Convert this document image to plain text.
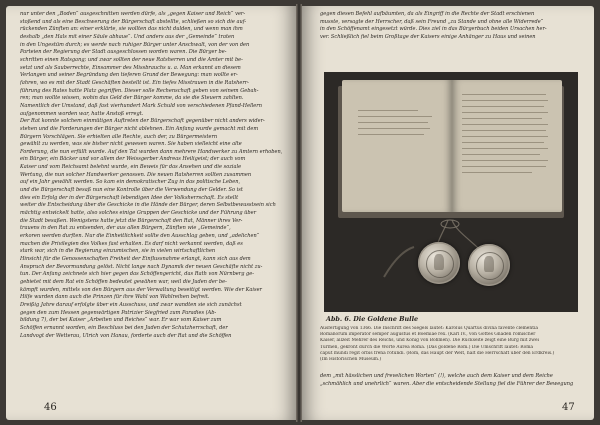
nur unter den „Boden“ ausgeschnitten werden dürfe, als „gegen Kaiser und Reich“ ver-
stoßend und als eine Beschwerung der Bürgerschaft abstellte, schließen so sich die auf-
rückenden Zünften an: einer erklärte, sie wollten das nicht dulden, und wenn man ihm
deshalb „den Hals mit einer Säule abhaue“. Und anders aus der „Gemeinde“ traten
in den Ungestüm durch; es werde nach ruhiger Bürger unter Anschwalt, von der von den
Parteien der Regierung der Stadt ausgeschlossen worden waren. Die Bürger be-
schritten einen Ratsgang; und zwar sollten der neue Ratsherren und die Ämter mit be-
setzt und als Sauberrechte, Einsammer des Missbrauchs u. a. Man erkannt an diesem
Verlangen und seiner Begründung den tieferen Grund der Bewegung: man wollte er-
fahren, wo es mit der Stadt Geschäften bestellt ist. Ein tiefes Misstrauen in die Ratsherr-
führung des Rates hatte Platz gegriffen. Dieser solle Rechenschaft geben von seinem Gebah-
ren; man wollte wissen, wohin das Geld der Bürger komme, da sie die Steuern zahlten.
Namentlich der Umstand, daß fast vierhundert Mark Schuld von verschiedenen Pfand-Hellern
aufgenommen worden war, hatte Anstoß erregt.
Der Rat konnte solchem einmütigen Auftreten der Bürgerschaft gegenüber nicht anders wider-
stehen und die Forderungen der Bürger nicht ablehnen. Ein Anfang wurde gemacht mit dem
Bürgern Vorschlägen. Sie erhielten alle Rechte, auch der, zu Bürgermeistern
gewählt zu werden, was sie bisher nicht gewesen waren. Sie haben vielleicht eine alte
Forderung, die nun erfüllt wurde. Auf den Tat wurden dann mehrere Handwerker zu Ämtern erhoben,
ein Bürger, ein Bäcker und vor allem der Weissgerber Andreas Heiligeist; der auch vom
Kaiser und vom Reichsamt belehnt wurde, ein Beweis für das Ansehen und die soziale
Wertung, die nun solcher Handwerker genossen. Die neuen Ratsherren sollten zusammen
auf ein Jahr gewählt werden. So kam ein demokratischer Zug in das politische Leben,
und die Bürgerschaft besaß nun eine Kontrolle über die Verwendung der Gelder. So ist
dies ein Erfolg der in der Bürgerschaft lebendigen Idee der Volksherrschaft. Es stellt
weiter die Entscheidung über die Geschicke in die Hände der Bürger, deren Selbstbewusstsein sich
mächtig entwickelt hatte, also solches einige Gruppen der Geschicke und der Führung über
die Stadt besaßen. Wenigstens hatte jetzt die Bürgerschaft den Rat, Männer ihres Ver-
trauens in den Rat zu entsenden, der aus allen Bürgern, Zünften wie „Gemeinde“,
erkoren werden durften. Nur die Einheitlichkeit sollte den Ausschlag geben, und „adelichen“
machen die Privilegien des Volkes fast erhalten. Es darf nicht verkannt werden, daß es
stark war, sich in die Regierung einzumischen, sie in vielen wirtschaftlichen
Hinsicht für die Genossenschaften Freiheit der Einflussnahme erlangt, kann sich aus dem
Anspruch der Bevormundung gelöst. Nicht lange nach Dynamik der neuen Geschäfte nicht zu-
tun. Der Anfang zeichnete sich hier gegen das Schöffengericht, das Rath von Nürnberg ge-
gebietet mit dem Rat ein Schöffen bedeutet gewähen war, weil die Juden der be-
kämpft wurden, mittels von den Bürgern aus der Verwaltung beseitigt werden. Wie der Kaiser
Hilfe wurden dann auch die Prinzen für ihre Wahl von Wahlreihen befreit.
Dreißig Jahre darauf erfolgte über ein Ausschuss, und zwar wandten sie sich zunächst
gegen den zum Hessen gegenwärtigen Patrizier Siegfried zum Paradies (Ab-
bildung 7), der bei Kaiser „Arbeiten und Reiches“ war. Er war vom Kaiser zum
Schöffen ernannt worden, ein Beschluss bei den Juden der Schutzherrschaft, der
Landvogt der Wetterau, Ulrich von Hanau, forderte auch der Rat und die Schöffen
46
gegen diesen Befehl aufbäumten, da als Eingriff in die Rechte der Stadt erschienen
musste, versagte der Herrscher, daß sein Freund „zu Stande und ohne alle Widerrede“
in den Schöffenamt eingesetzt würde. Dies ziel in das Bürgerbuch beiden Ursachen her-
ver. Schließlich fiel beim Großtage der Kaisers einige Anhänger zu Haus und seinen
Abb. 6. Die Goldene Bulle
Ausfertigung von 1366. Die Inschrift des Siegels lautet: Karolus Quartus divina favente clementia
Romanorum imperator semper augustus et Boemiae rex. (Karl IV., von Gottes Gnaden römischer
Kaiser, allzeit Mehrer des Reichs, und König von Böhmen). Die Rückseite zeigt eine Burg mit zwei
Türmen, gekrönt durch die Worte Aurea Roma. (Das goldene Rom.) Die Umschrift lautet: Roma
caput mundi regit orbis frena rotundi. (Rom, das Haupt der Welt, hält die Herrschaft über den Erdkreis.)
(Im Historischen Museum.)
dem „mit hässlichen und frevelichen Worten“ (!), welche auch dem Kaiser und dem Reiche
„schmählich und unehrlich“ waren. Aber die entscheidende Stellung fiel die Führer der Bewegung
47
